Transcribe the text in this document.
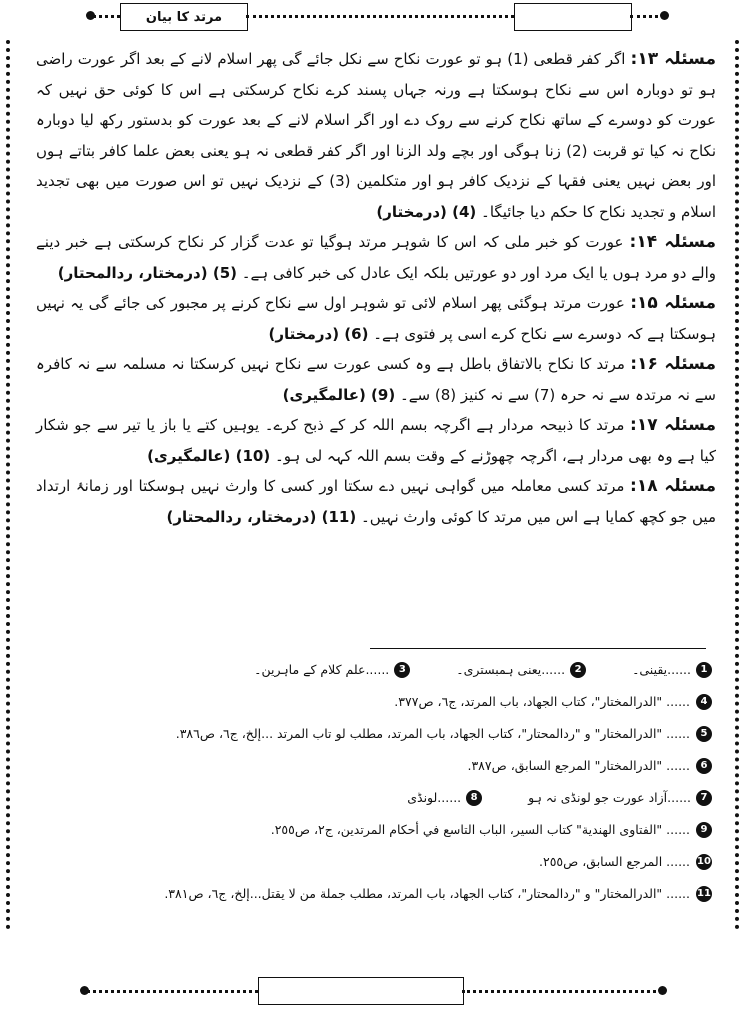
مرتد کا بیان

مسئلہ ۱۳: اگر کفر قطعی (1) ہو تو عورت نکاح سے نکل جائے گی پھر اسلام لانے کے بعد اگر عورت راضی ہو تو دوبارہ اس سے نکاح ہوسکتا ہے ورنہ جہاں پسند کرے نکاح کرسکتی ہے اس کا کوئی حق نہیں کہ عورت کو دوسرے کے ساتھ نکاح کرنے سے روک دے اور اگر اسلام لانے کے بعد عورت کو بدستور رکھ لیا دوبارہ نکاح نہ کیا تو قربت (2) زنا ہوگی اور بچے ولد الزنا اور اگر کفر قطعی نہ ہو یعنی بعض علما کافر بتاتے ہوں اور بعض نہیں یعنی فقہا کے نزدیک کافر ہو اور متکلمین (3) کے نزدیک نہیں تو اس صورت میں بھی تجدید اسلام و تجدید نکاح کا حکم دیا جائیگا۔ (4) (درمختار)

مسئلہ ۱۴: عورت کو خبر ملی کہ اس کا شوہر مرتد ہوگیا تو عدت گزار کر نکاح کرسکتی ہے خبر دینے والے دو مرد ہوں یا ایک مرد اور دو عورتیں بلکہ ایک عادل کی خبر کافی ہے۔ (5) (درمختار، ردالمحتار)

مسئلہ ۱۵: عورت مرتد ہوگئی پھر اسلام لائی تو شوہر اول سے نکاح کرنے پر مجبور کی جائے گی یہ نہیں ہوسکتا ہے کہ دوسرے سے نکاح کرے اسی پر فتوی ہے۔ (6) (درمختار)

مسئلہ ۱۶: مرتد کا نکاح بالاتفاق باطل ہے وہ کسی عورت سے نکاح نہیں کرسکتا نہ مسلمہ سے نہ کافرہ سے نہ مرتدہ سے نہ حرہ (7) سے نہ کنیز (8) سے۔ (9) (عالمگیری)

مسئلہ ۱۷: مرتد کا ذبیحہ مردار ہے اگرچہ بسم اللہ کر کے ذبح کرے۔ یوہیں کتے یا باز یا تیر سے جو شکار کیا ہے وہ بھی مردار ہے، اگرچہ چھوڑنے کے وقت بسم اللہ کہہ لی ہو۔ (10) (عالمگیری)

مسئلہ ۱۸: مرتد کسی معاملہ میں گواہی نہیں دے سکتا اور کسی کا وارث نہیں ہوسکتا اور زمانۂ ارتداد میں جو کچھ کمایا ہے اس میں مرتد کا کوئی وارث نہیں۔ (11) (درمختار، ردالمحتار)

1
......یقینی۔
2
......یعنی ہمبستری۔
3
......علم کلام کے ماہرین۔
4
...... "الدرالمختار"، كتاب الجهاد، باب المرتد، ج٦، ص٣٧٧.
5
...... "الدرالمختار" و "ردالمحتار"، كتاب الجهاد، باب المرتد، مطلب لو تاب المرتد ...إلخ، ج٦، ص٣٨٦.
6
...... "الدرالمختار" المرجع السابق، ص٣٨٧.
7
......آزاد عورت جو لونڈی نہ ہو
8
......لونڈی
9
...... "الفتاوى الهندية" كتاب السير، الباب التاسع في أحكام المرتدين، ج٢، ص٢٥٥.
10
...... المرجع السابق، ص٢٥٥.
11
...... "الدرالمختار" و "ردالمحتار"، كتاب الجهاد، باب المرتد، مطلب جملة من لا يقتل...إلخ، ج٦، ص٣٨١.
